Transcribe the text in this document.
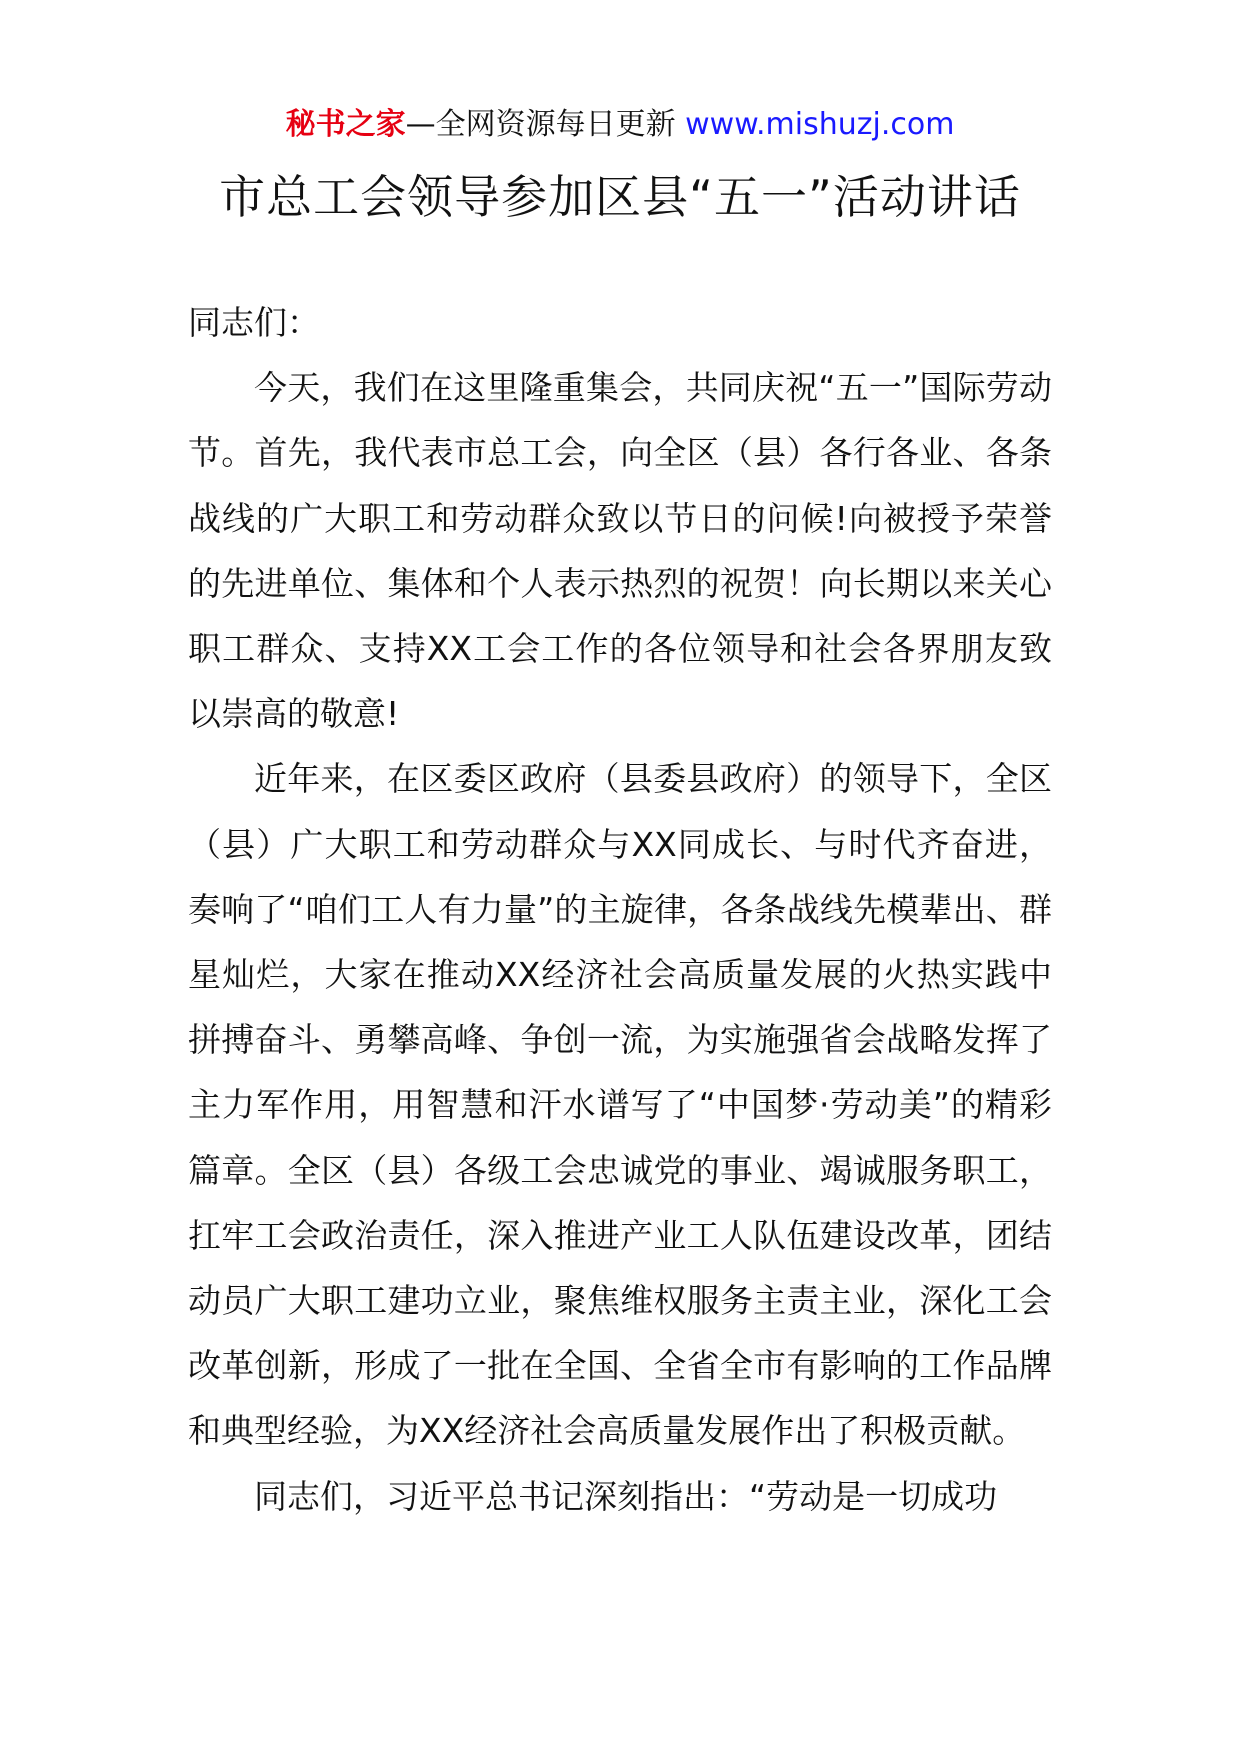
秘书之家—全网资源每日更新 www.mishuzj.com
市总工会领导参加区县“五一”活动讲话

同志们：

今天，我们在这里隆重集会，共同庆祝“五一”国际劳动节。首先，我代表市总工会，向全区（县）各行各业、各条战线的广大职工和劳动群众致以节日的问候!向被授予荣誉的先进单位、集体和个人表示热烈的祝贺！向长期以来关心职工群众、支持XX工会工作的各位领导和社会各界朋友致以崇高的敬意!

近年来，在区委区政府（县委县政府）的领导下，全区（县）广大职工和劳动群众与XX同成长、与时代齐奋进，奏响了“咱们工人有力量”的主旋律，各条战线先模辈出、群星灿烂，大家在推动XX经济社会高质量发展的火热实践中拼搏奋斗、勇攀高峰、争创一流，为实施强省会战略发挥了主力军作用，用智慧和汗水谱写了“中国梦·劳动美”的精彩篇章。全区（县）各级工会忠诚党的事业、竭诚服务职工，扛牢工会政治责任，深入推进产业工人队伍建设改革，团结动员广大职工建功立业，聚焦维权服务主责主业，深化工会改革创新，形成了一批在全国、全省全市有影响的工作品牌和典型经验，为XX经济社会高质量发展作出了积极贡献。

同志们，习近平总书记深刻指出：“劳动是一切成功
